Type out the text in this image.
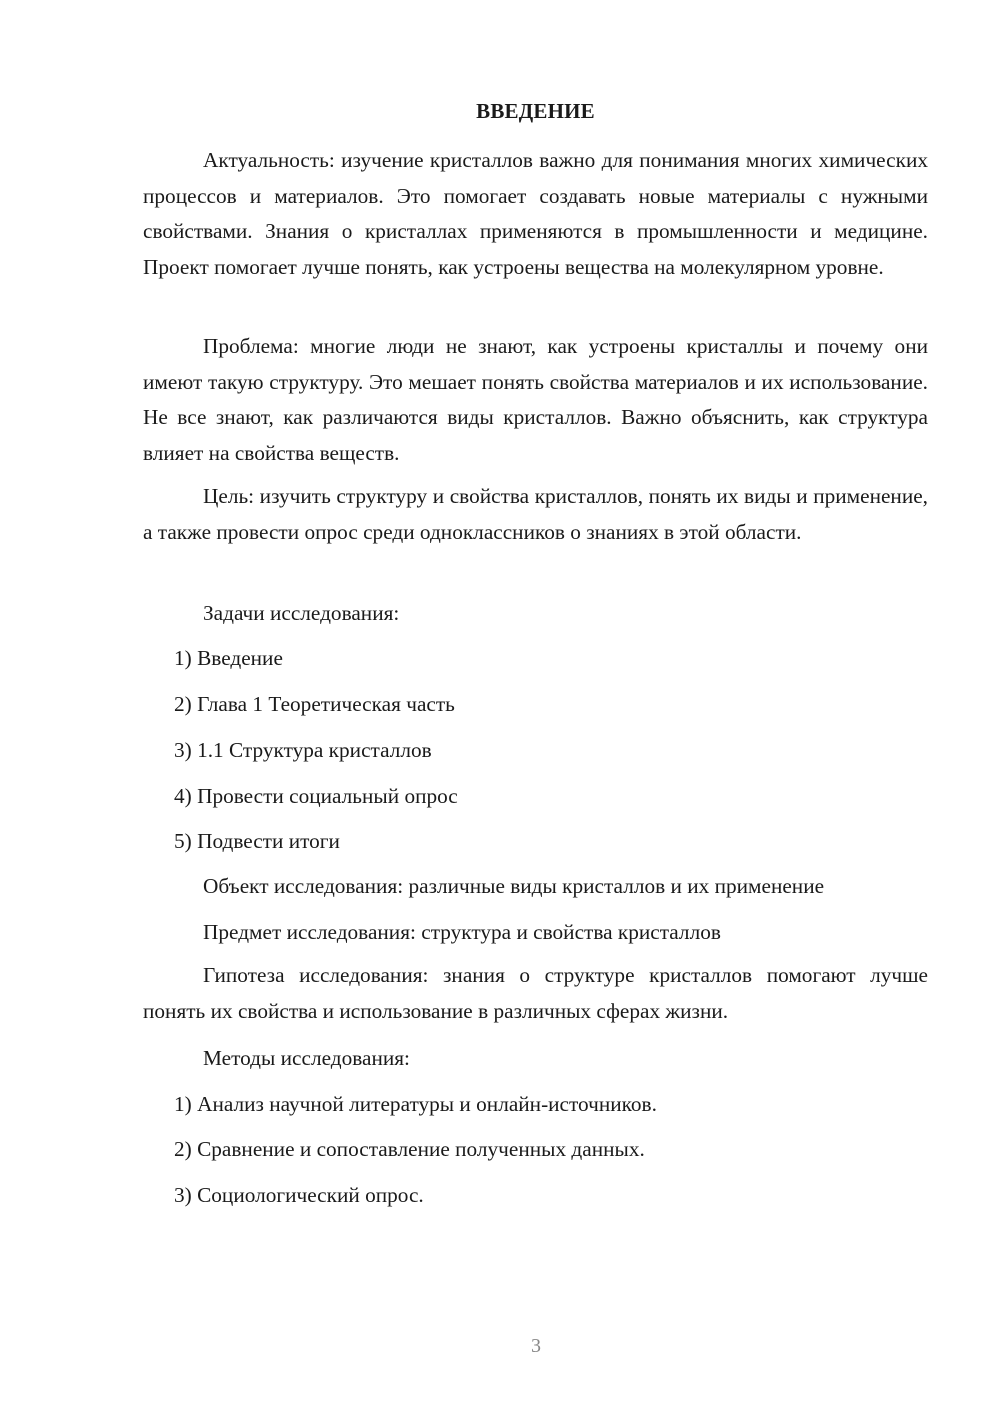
ВВЕДЕНИЕ

Актуальность: изучение кристаллов важно для понимания многих химических процессов и материалов. Это помогает создавать новые материалы с нужными свойствами. Знания о кристаллах применяются в промышленности и медицине. Проект помогает лучше понять, как устроены вещества на молекулярном уровне.

Проблема: многие люди не знают, как устроены кристаллы и почему они имеют такую структуру. Это мешает понять свойства материалов и их использование. Не все знают, как различаются виды кристаллов. Важно объяснить, как структура влияет на свойства веществ.

Цель: изучить структуру и свойства кристаллов, понять их виды и применение, а также провести опрос среди одноклассников о знаниях в этой области.

Задачи исследования:

1) Введение

2) Глава 1 Теоретическая часть

3) 1.1 Структура кристаллов

4) Провести социальный опрос

5) Подвести итоги

Объект исследования: различные виды кристаллов и их применение

Предмет исследования: структура и свойства кристаллов

Гипотеза исследования: знания о структуре кристаллов помогают лучше понять их свойства и использование в различных сферах жизни.

Методы исследования:

1) Анализ научной литературы и онлайн-источников.

2) Сравнение и сопоставление полученных данных.

3) Социологический опрос.

3
